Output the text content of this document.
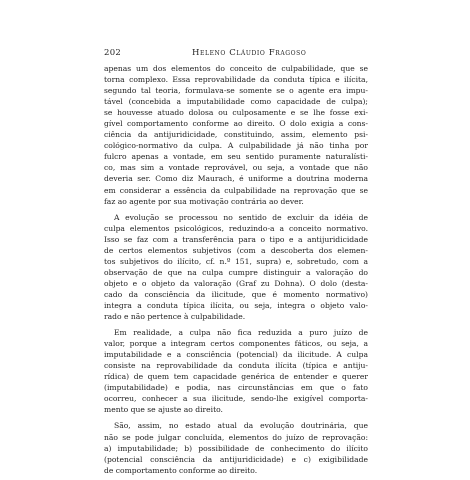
202	Heleno Cláudio Fragoso
apenas um dos elementos do conceito de culpabilidade, que se
torna complexo. Essa reprovabilidade da conduta típica e ilícita,
segundo tal teoria, formulava-se somente se o agente era impu-
tável (concebida a imputabilidade como capacidade de culpa);
se houvesse atuado dolosa ou culposamente e se lhe fosse exi-
gível comportamento conforme ao direito. O dolo exigia a cons-
ciência da antijuridicidade, constituindo, assim, elemento psi-
cológico-normativo da culpa. A culpabilidade já não tinha por
fulcro apenas a vontade, em seu sentido puramente naturalísti-
co, mas sim a vontade reprovável, ou seja, a vontade que não
deveria ser. Como diz Maurach, é uniforme a doutrina moderna
em considerar a essência da culpabilidade na reprovação que se
faz ao agente por sua motivação contrária ao dever.
A evolução se processou no sentido de excluir da idéia de
culpa elementos psicológicos, reduzindo-a a conceito normativo.
Isso se faz com a transferência para o tipo e a antijuridicidade
de certos elementos subjetivos (com a descoberta dos elemen-
tos subjetivos do ilícito, cf. n.º 151, supra) e, sobretudo, com a
observação de que na culpa cumpre distinguir a valoração do
objeto e o objeto da valoração (Graf zu Dohna). O dolo (desta-
cado da consciência da ilicitude, que é momento normativo)
integra a conduta típica ilícita, ou seja, integra o objeto valo-
rado e não pertence à culpabilidade.
Em realidade, a culpa não fica reduzida a puro juízo de
valor, porque a integram certos componentes fáticos, ou seja, a
imputabilidade e a consciência (potencial) da ilicitude. A culpa
consiste na reprovabilidade da conduta ilícita (típica e antiju-
rídica) de quem tem capacidade genérica de entender e querer
(imputabilidade) e podia, nas circunstâncias em que o fato
ocorreu, conhecer a sua ilicitude, sendo-lhe exigível comporta-
mento que se ajuste ao direito.
São, assim, no estado atual da evolução doutrinária, que
não se pode julgar concluída, elementos do juízo de reprovação:
a) imputabilidade; b) possibilidade de conhecimento do ilícito
(potencial consciência da antijuridicidade) e c) exigibilidade
de comportamento conforme ao direito.
